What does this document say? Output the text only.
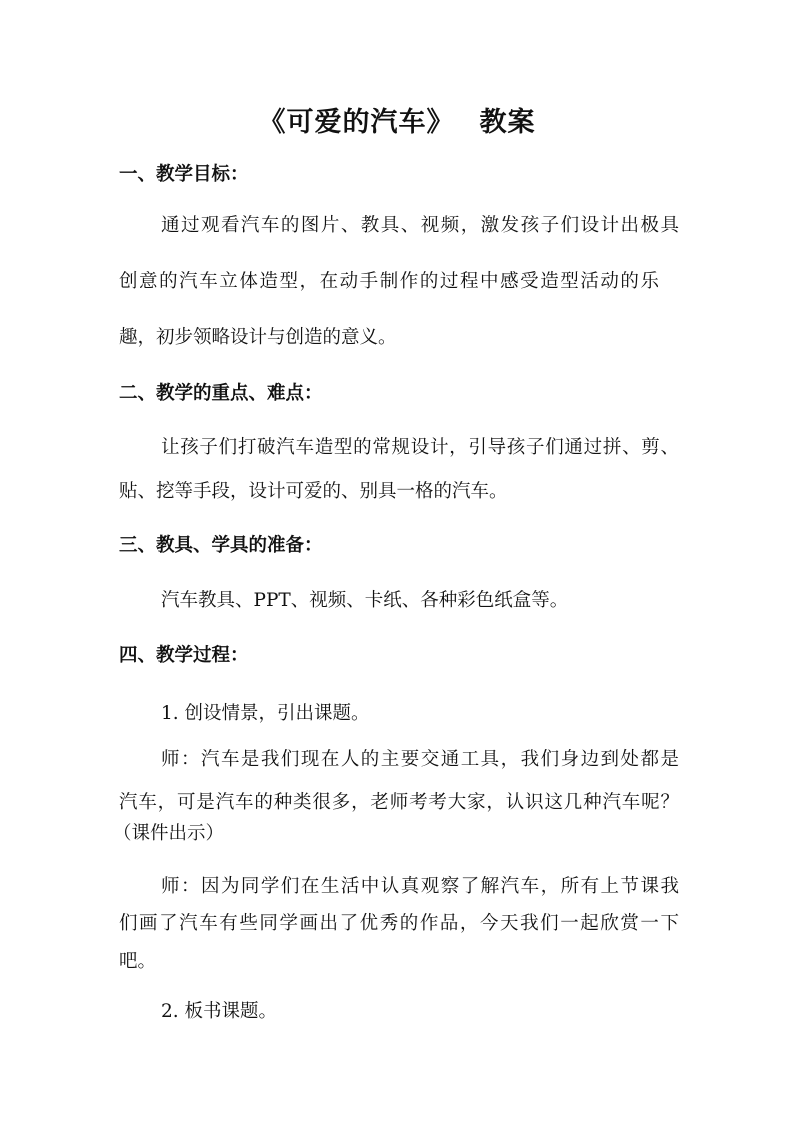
《可爱的汽车》　 教案
一、教学目标：
通过观看汽车的图片、教具、视频，激发孩子们设计出极具
创意的汽车立体造型，在动手制作的过程中感受造型活动的乐
趣，初步领略设计与创造的意义。
二、教学的重点、难点：
让孩子们打破汽车造型的常规设计，引导孩子们通过拼、剪、
贴、挖等手段，设计可爱的、别具一格的汽车。
三、教具、学具的准备：
汽车教具、PPT、视频、卡纸、各种彩色纸盒等。
四、教学过程：
1. 创设情景，引出课题。
师：汽车是我们现在人的主要交通工具，我们身边到处都是
汽车，可是汽车的种类很多，老师考考大家，认识这几种汽车呢？
（课件出示）
师：因为同学们在生活中认真观察了解汽车，所有上节课我
们画了汽车有些同学画出了优秀的作品，今天我们一起欣赏一下
吧。
2. 板书课题。
